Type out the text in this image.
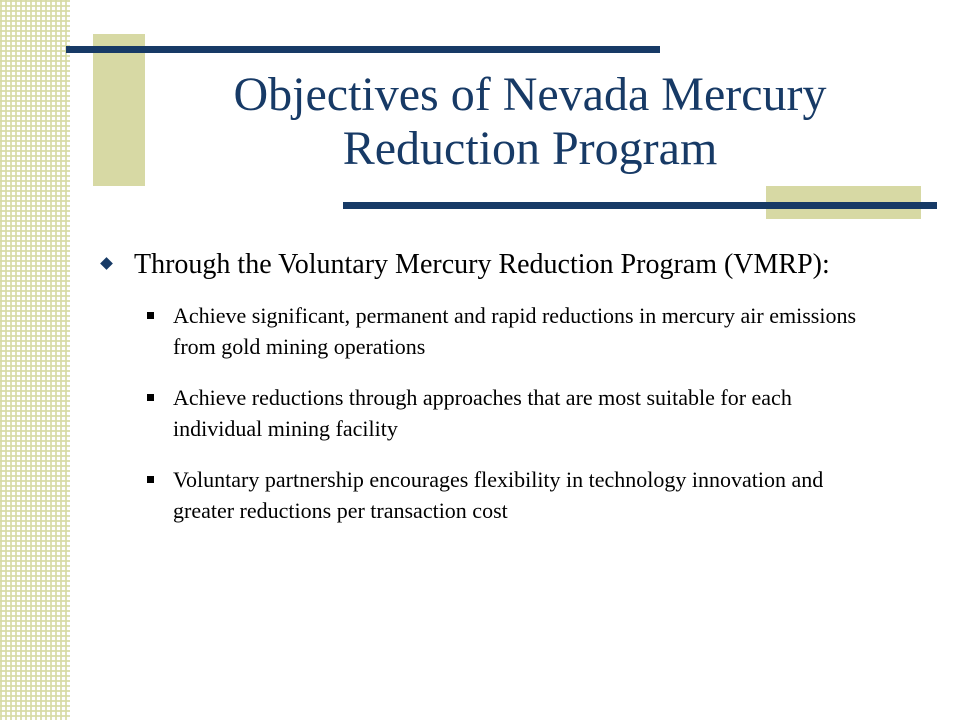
Objectives of Nevada Mercury Reduction Program
Through the Voluntary Mercury Reduction Program (VMRP):
Achieve significant, permanent and rapid reductions in mercury air emissions from gold mining operations
Achieve reductions through approaches that are most suitable for each individual mining facility
Voluntary partnership encourages flexibility in technology innovation and greater reductions per transaction cost
